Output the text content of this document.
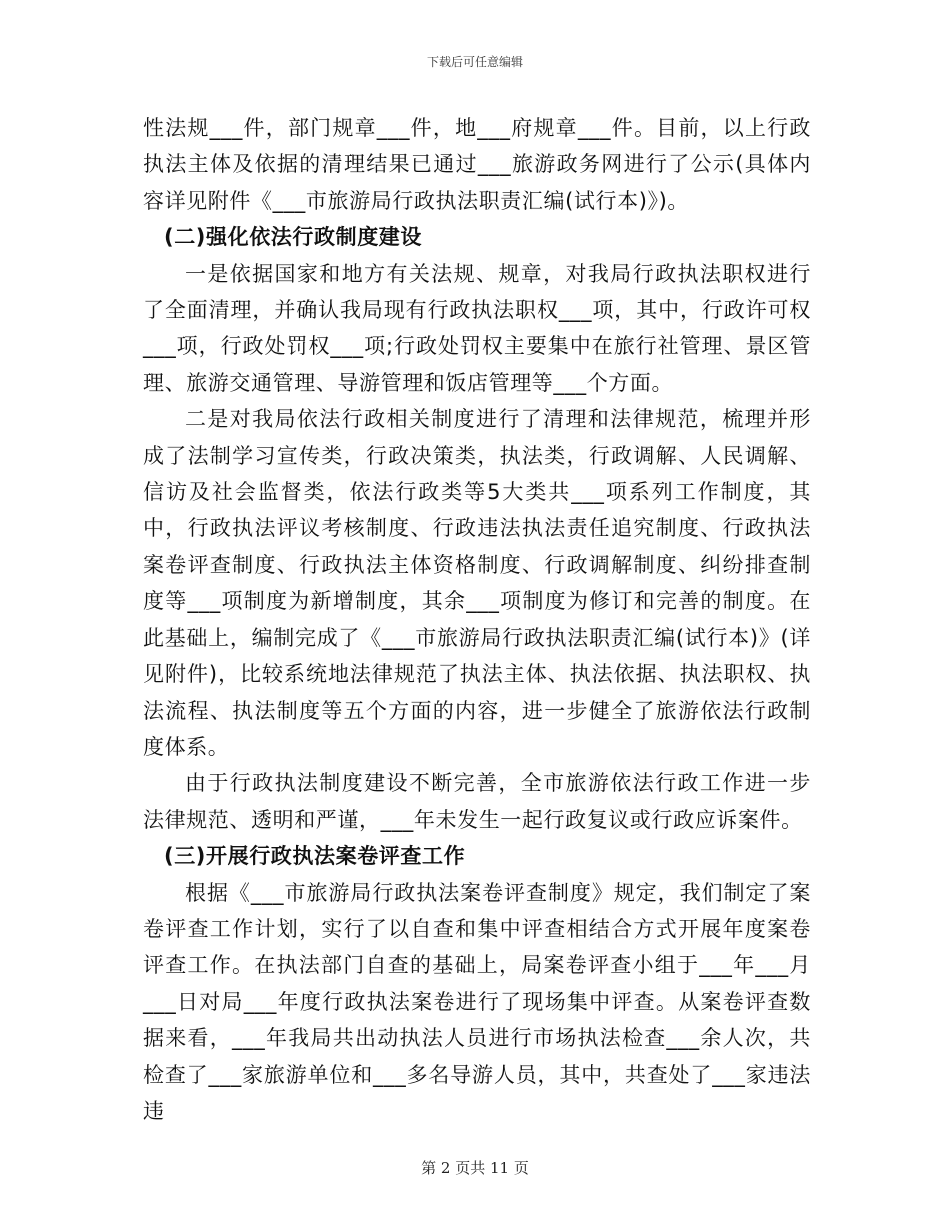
下载后可任意编辑

性法规___件，部门规章___件，地___府规章___件。目前，以上行政执法主体及依据的清理结果已通过___旅游政务网进行了公示(具体内容详见附件《___市旅游局行政执法职责汇编(试行本)》)。

(二)强化依法行政制度建设

一是依据国家和地方有关法规、规章，对我局行政执法职权进行了全面清理，并确认我局现有行政执法职权___项，其中，行政许可权___项，行政处罚权___项;行政处罚权主要集中在旅行社管理、景区管理、旅游交通管理、导游管理和饭店管理等___个方面。

二是对我局依法行政相关制度进行了清理和法律规范，梳理并形成了法制学习宣传类，行政决策类，执法类，行政调解、人民调解、信访及社会监督类，依法行政类等5大类共___项系列工作制度，其中，行政执法评议考核制度、行政违法执法责任追究制度、行政执法案卷评查制度、行政执法主体资格制度、行政调解制度、纠纷排查制度等___项制度为新增制度，其余___项制度为修订和完善的制度。在此基础上，编制完成了《___市旅游局行政执法职责汇编(试行本)》(详见附件)，比较系统地法律规范了执法主体、执法依据、执法职权、执法流程、执法制度等五个方面的内容，进一步健全了旅游依法行政制度体系。

由于行政执法制度建设不断完善，全市旅游依法行政工作进一步法律规范、透明和严谨，___年未发生一起行政复议或行政应诉案件。

(三)开展行政执法案卷评查工作

根据《___市旅游局行政执法案卷评查制度》规定，我们制定了案卷评查工作计划，实行了以自查和集中评查相结合方式开展年度案卷评查工作。在执法部门自查的基础上，局案卷评查小组于___年___月___日对局___年度行政执法案卷进行了现场集中评查。从案卷评查数据来看，___年我局共出动执法人员进行市场执法检查___余人次，共检查了___家旅游单位和___多名导游人员，其中，共查处了___家违法违

第 2 页共 11 页
